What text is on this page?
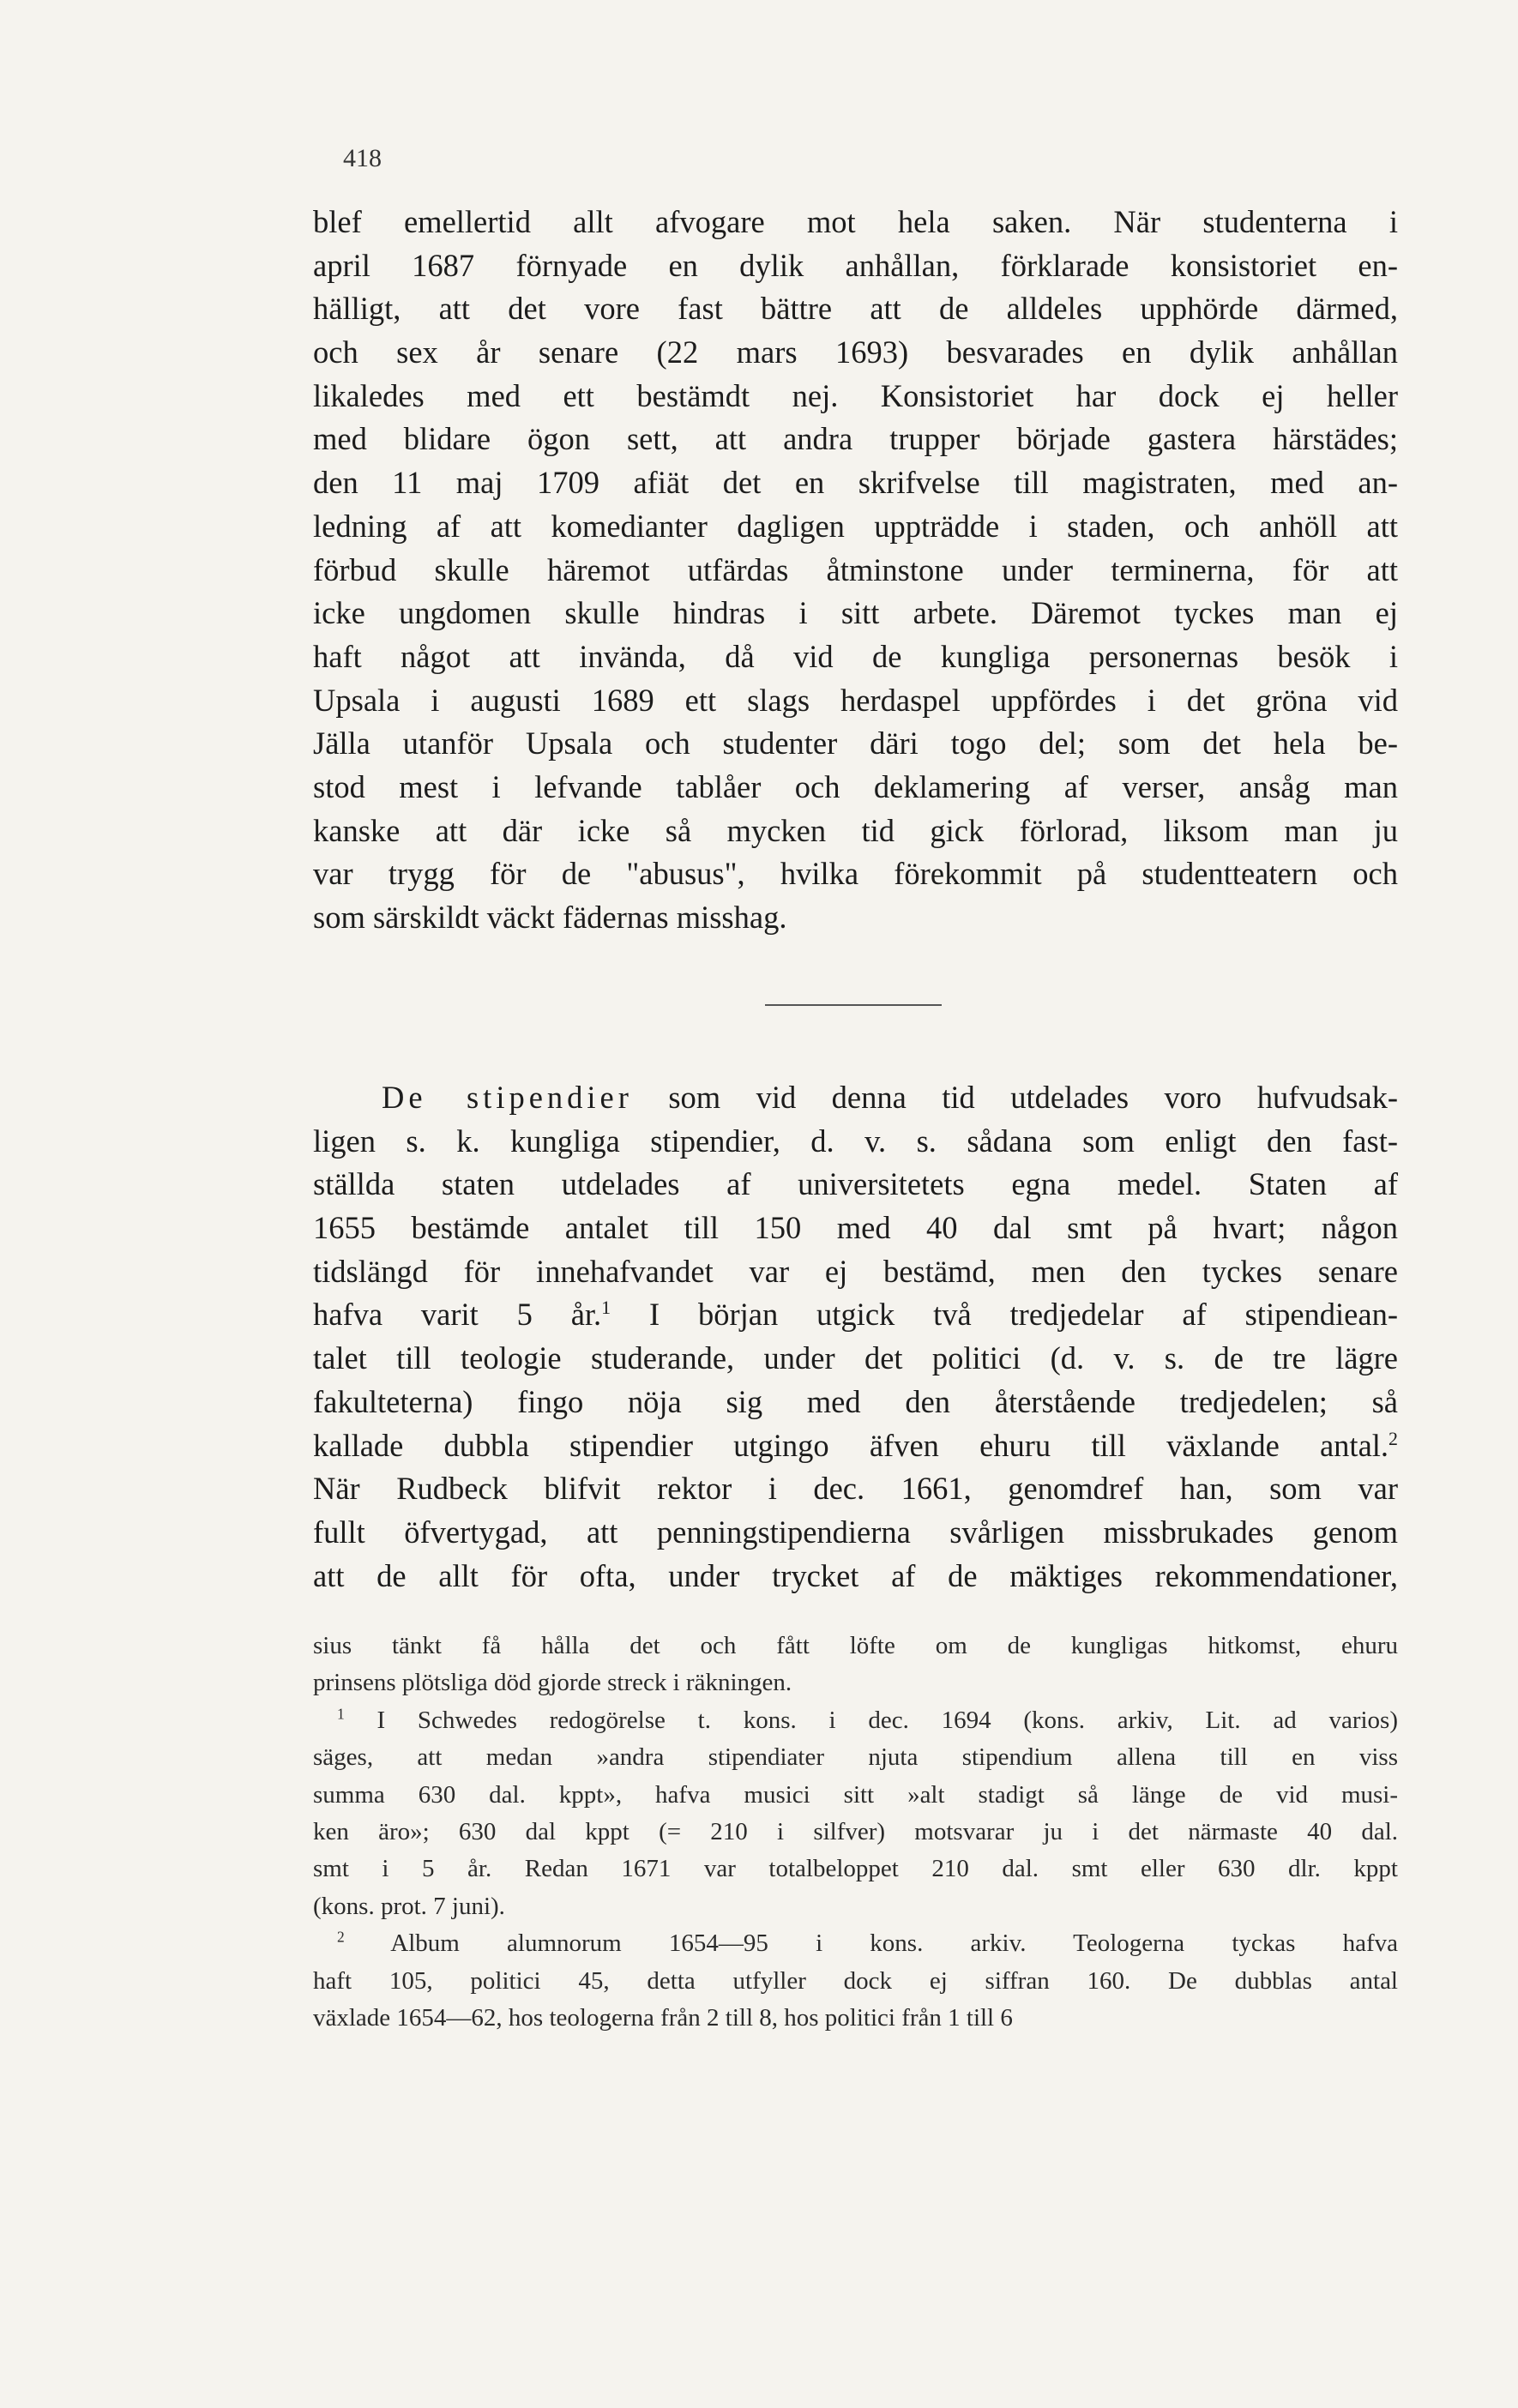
418
blef emellertid allt afvogare mot hela saken. När studenterna i
april 1687 förnyade en dylik anhållan, förklarade konsistoriet en-
hälligt, att det vore fast bättre att de alldeles upphörde därmed,
och sex år senare (22 mars 1693) besvarades en dylik anhållan
likaledes med ett bestämdt nej. Konsistoriet har dock ej heller
med blidare ögon sett, att andra trupper började gastera härstädes;
den 11 maj 1709 afiät det en skrifvelse till magistraten, med an-
ledning af att komedianter dagligen uppträdde i staden, och anhöll att
förbud skulle häremot utfärdas åtminstone under terminerna, för att
icke ungdomen skulle hindras i sitt arbete. Däremot tyckes man ej
haft något att invända, då vid de kungliga personernas besök i
Upsala i augusti 1689 ett slags herdaspel uppfördes i det gröna vid
Jälla utanför Upsala och studenter däri togo del; som det hela be-
stod mest i lefvande tablåer och deklamering af verser, ansåg man
kanske att där icke så mycken tid gick förlorad, liksom man ju
var trygg för de "abusus", hvilka förekommit på studentteatern och
som särskildt väckt fädernas misshag.
De stipendier som vid denna tid utdelades voro hufvudsak-
ligen s. k. kungliga stipendier, d. v. s. sådana som enligt den fast-
ställda staten utdelades af universitetets egna medel. Staten af
1655 bestämde antalet till 150 med 40 dal smt på hvart; någon
tidslängd för innehafvandet var ej bestämd, men den tyckes senare
hafva varit 5 år.$^1$ I början utgick två tredjedelar af stipendiean-
talet till teologie studerande, under det politici (d. v. s. de tre lägre
fakulteterna) fingo nöja sig med den återstående tredjedelen; så
kallade dubbla stipendier utgingo äfven ehuru till växlande antal.$^2$
När Rudbeck blifvit rektor i dec. 1661, genomdref han, som var
fullt öfvertygad, att penningstipendierna svårligen missbrukades genom
att de allt för ofta, under trycket af de mäktiges rekommendationer,
sius tänkt få hålla det och fått löfte om de kungligas hitkomst, ehuru
prinsens plötsliga död gjorde streck i räkningen.
$^1$ I Schwedes redogörelse t. kons. i dec. 1694 (kons. arkiv, Lit. ad varios)
säges, att medan »andra stipendiater njuta stipendium allena till en viss
summa 630 dal. kppt», hafva musici sitt »alt stadigt så länge de vid musi-
ken äro»; 630 dal kppt (= 210 i silfver) motsvarar ju i det närmaste 40 dal.
smt i 5 år. Redan 1671 var totalbeloppet 210 dal. smt eller 630 dlr. kppt
(kons. prot. 7 juni).
$^2$ Album alumnorum 1654—95 i kons. arkiv. Teologerna tyckas hafva
haft 105, politici 45, detta utfyller dock ej siffran 160. De dubblas antal
växlade 1654—62, hos teologerna från 2 till 8, hos politici från 1 till 6
